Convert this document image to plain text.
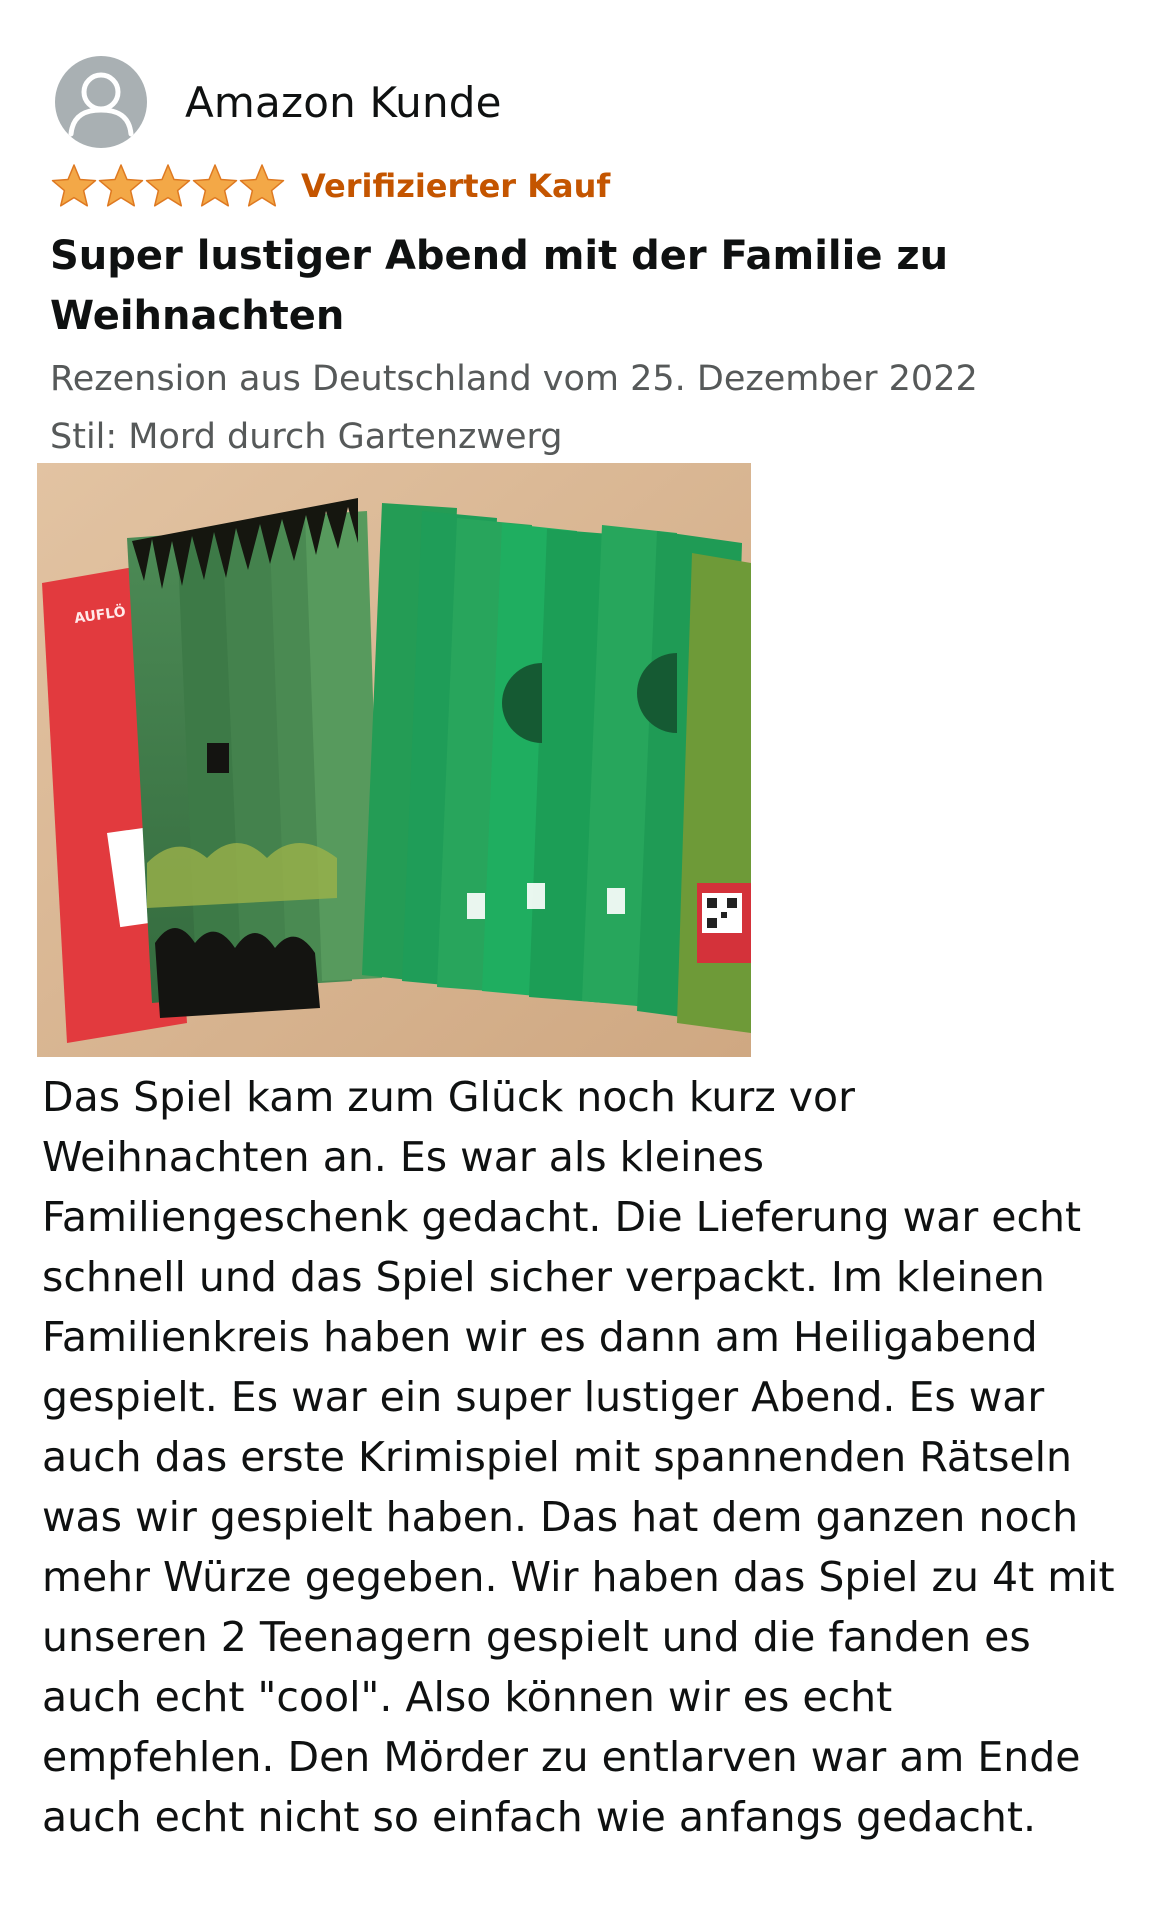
Amazon Kunde
Verifizierter Kauf
Super lustiger Abend mit der Familie zu Weihnachten
Rezension aus Deutschland vom 25. Dezember 2022
Stil: Mord durch Gartenzwerg
AUFLÖ
Das Spiel kam zum Glück noch kurz vor Weihnachten an. Es war als kleines Familiengeschenk gedacht. Die Lieferung war echt schnell und das Spiel sicher verpackt. Im kleinen Familienkreis haben wir es dann am Heiligabend gespielt. Es war ein super lustiger Abend. Es war auch das erste Krimispiel mit spannenden Rätseln was wir gespielt haben. Das hat dem ganzen noch mehr Würze gegeben. Wir haben das Spiel zu 4t mit unseren 2 Teenagern gespielt und die fanden es auch echt "cool". Also können wir es echt empfehlen. Den Mörder zu entlarven war am Ende auch echt nicht so einfach wie anfangs gedacht.
